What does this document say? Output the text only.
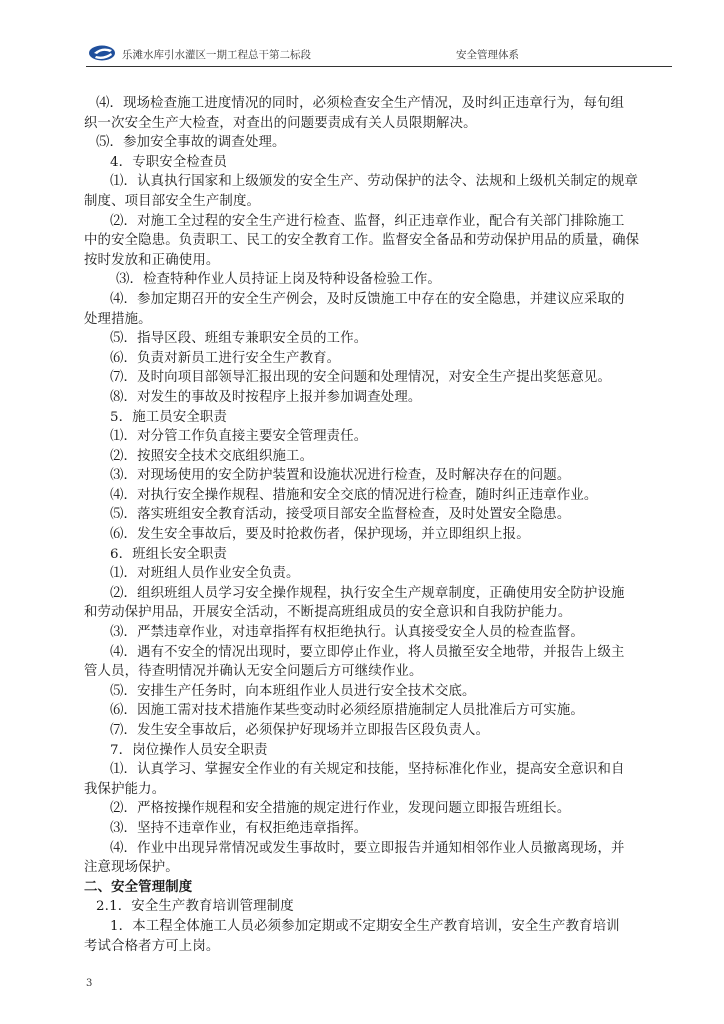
乐滩水库引水灌区一期工程总干第二标段	安全管理体系
⑷．现场检查施工进度情况的同时，必须检查安全生产情况，及时纠正违章行为，每旬组
织一次安全生产大检查，对查出的问题要责成有关人员限期解决。
⑸．参加安全事故的调查处理。
4．专职安全检查员
⑴．认真执行国家和上级颁发的安全生产、劳动保护的法令、法规和上级机关制定的规章
制度、项目部安全生产制度。
⑵．对施工全过程的安全生产进行检查、监督，纠正违章作业，配合有关部门排除施工
中的安全隐患。负责职工、民工的安全教育工作。监督安全备品和劳动保护用品的质量，确保
按时发放和正确使用。
⑶．检查特种作业人员持证上岗及特种设备检验工作。
⑷．参加定期召开的安全生产例会，及时反馈施工中存在的安全隐患，并建议应采取的
处理措施。
⑸．指导区段、班组专兼职安全员的工作。
⑹．负责对新员工进行安全生产教育。
⑺．及时向项目部领导汇报出现的安全问题和处理情况，对安全生产提出奖惩意见。
⑻．对发生的事故及时按程序上报并参加调查处理。
5．施工员安全职责
⑴．对分管工作负直接主要安全管理责任。
⑵．按照安全技术交底组织施工。
⑶．对现场使用的安全防护装置和设施状况进行检查，及时解决存在的问题。
⑷．对执行安全操作规程、措施和安全交底的情况进行检查，随时纠正违章作业。
⑸．落实班组安全教育活动，接受项目部安全监督检查，及时处置安全隐患。
⑹．发生安全事故后，要及时抢救伤者，保护现场，并立即组织上报。
6．班组长安全职责
⑴．对班组人员作业安全负责。
⑵．组织班组人员学习安全操作规程，执行安全生产规章制度，正确使用安全防护设施
和劳动保护用品，开展安全活动，不断提高班组成员的安全意识和自我防护能力。
⑶．严禁违章作业，对违章指挥有权拒绝执行。认真接受安全人员的检查监督。
⑷．遇有不安全的情况出现时，要立即停止作业，将人员撤至安全地带，并报告上级主
管人员，待查明情况并确认无安全问题后方可继续作业。
⑸．安排生产任务时，向本班组作业人员进行安全技术交底。
⑹．因施工需对技术措施作某些变动时必须经原措施制定人员批准后方可实施。
⑺．发生安全事故后，必须保护好现场并立即报告区段负责人。
7．岗位操作人员安全职责
⑴．认真学习、掌握安全作业的有关规定和技能，坚持标准化作业，提高安全意识和自
我保护能力。
⑵．严格按操作规程和安全措施的规定进行作业，发现问题立即报告班组长。
⑶．坚持不违章作业，有权拒绝违章指挥。
⑷．作业中出现异常情况或发生事故时，要立即报告并通知相邻作业人员撤离现场，并
注意现场保护。
二、安全管理制度
2.1．安全生产教育培训管理制度
1．本工程全体施工人员必须参加定期或不定期安全生产教育培训，安全生产教育培训
考试合格者方可上岗。
3
